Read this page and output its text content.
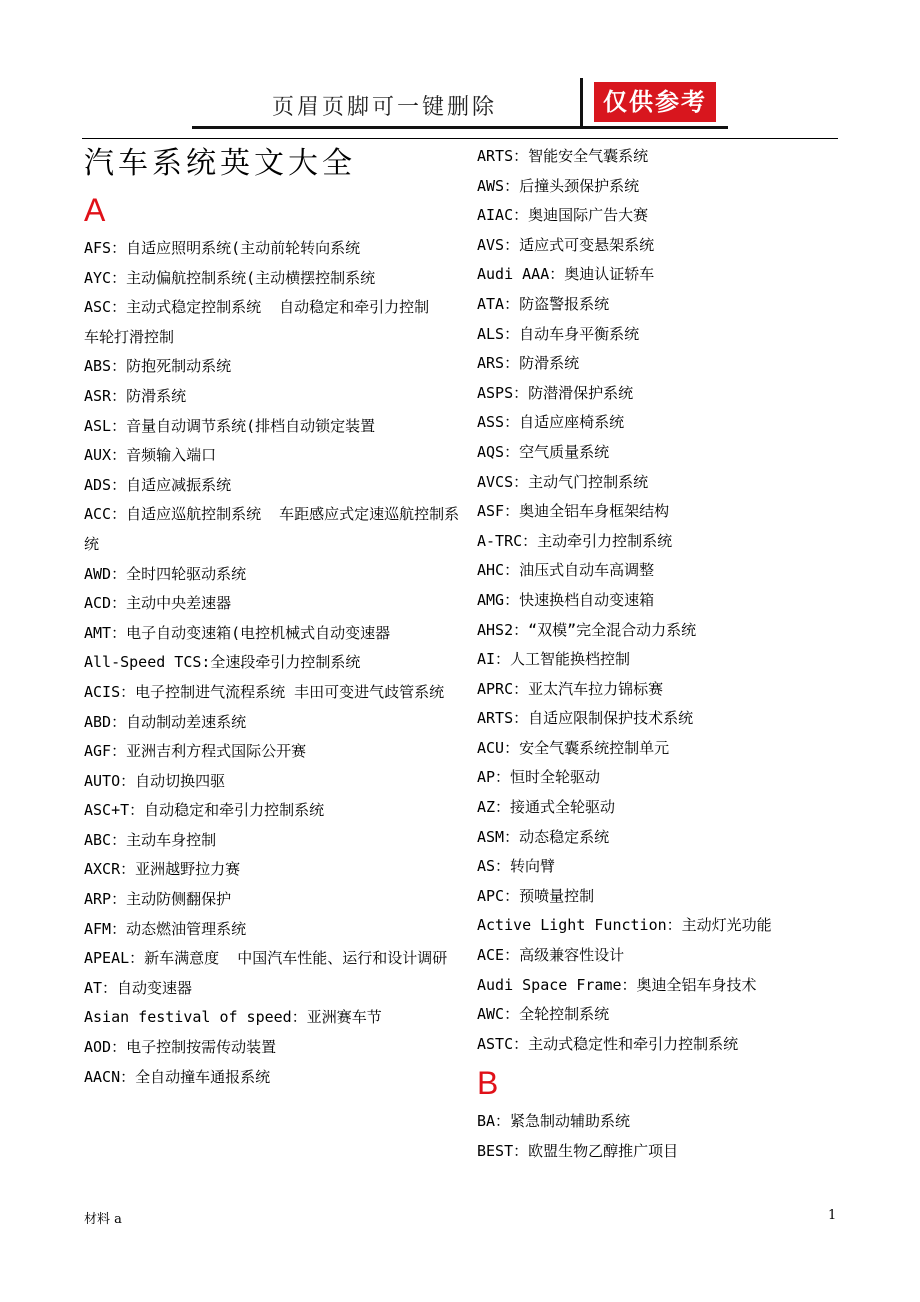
页眉页脚可一键删除	仅供参考
汽车系统英文大全
A
AFS：自适应照明系统(主动前轮转向系统
AYC：主动偏航控制系统(主动横摆控制系统
ASC：主动式稳定控制系统  自动稳定和牵引力控制   车轮打滑控制
ABS：防抱死制动系统
ASR：防滑系统
ASL：音量自动调节系统(排档自动锁定装置
AUX：音频输入端口
ADS：自适应减振系统
ACC：自适应巡航控制系统  车距感应式定速巡航控制系统
AWD：全时四轮驱动系统
ACD：主动中央差速器
AMT：电子自动变速箱(电控机械式自动变速器
All-Speed TCS:全速段牵引力控制系统
ACIS：电子控制进气流程系统 丰田可变进气歧管系统
ABD：自动制动差速系统
AGF：亚洲吉利方程式国际公开赛
AUTO：自动切换四驱
ASC+T：自动稳定和牵引力控制系统
ABC：主动车身控制
AXCR：亚洲越野拉力赛
ARP：主动防侧翻保护
AFM：动态燃油管理系统
APEAL：新车满意度  中国汽车性能、运行和设计调研
AT：自动变速器
Asian festival of speed：亚洲赛车节
AOD：电子控制按需传动装置
AACN：全自动撞车通报系统
ARTS：智能安全气囊系统
AWS：后撞头颈保护系统
AIAC：奥迪国际广告大赛
AVS：适应式可变悬架系统
Audi AAA：奥迪认证轿车
ATA：防盗警报系统
ALS：自动车身平衡系统
ARS：防滑系统
ASPS：防潜滑保护系统
ASS：自适应座椅系统
AQS：空气质量系统
AVCS：主动气门控制系统
ASF：奥迪全铝车身框架结构
A-TRC：主动牵引力控制系统
AHC：油压式自动车高调整
AMG：快速换档自动变速箱
AHS2：“双模”完全混合动力系统
AI：人工智能换档控制
APRC：亚太汽车拉力锦标赛
ARTS：自适应限制保护技术系统
ACU：安全气囊系统控制单元
AP：恒时全轮驱动
AZ：接通式全轮驱动
ASM：动态稳定系统
AS：转向臂
APC：预喷量控制
Active Light Function：主动灯光功能
ACE：高级兼容性设计
Audi Space Frame：奥迪全铝车身技术
AWC：全轮控制系统
ASTC：主动式稳定性和牵引力控制系统
B
BA：紧急制动辅助系统
BEST：欧盟生物乙醇推广项目
材料 a	1
